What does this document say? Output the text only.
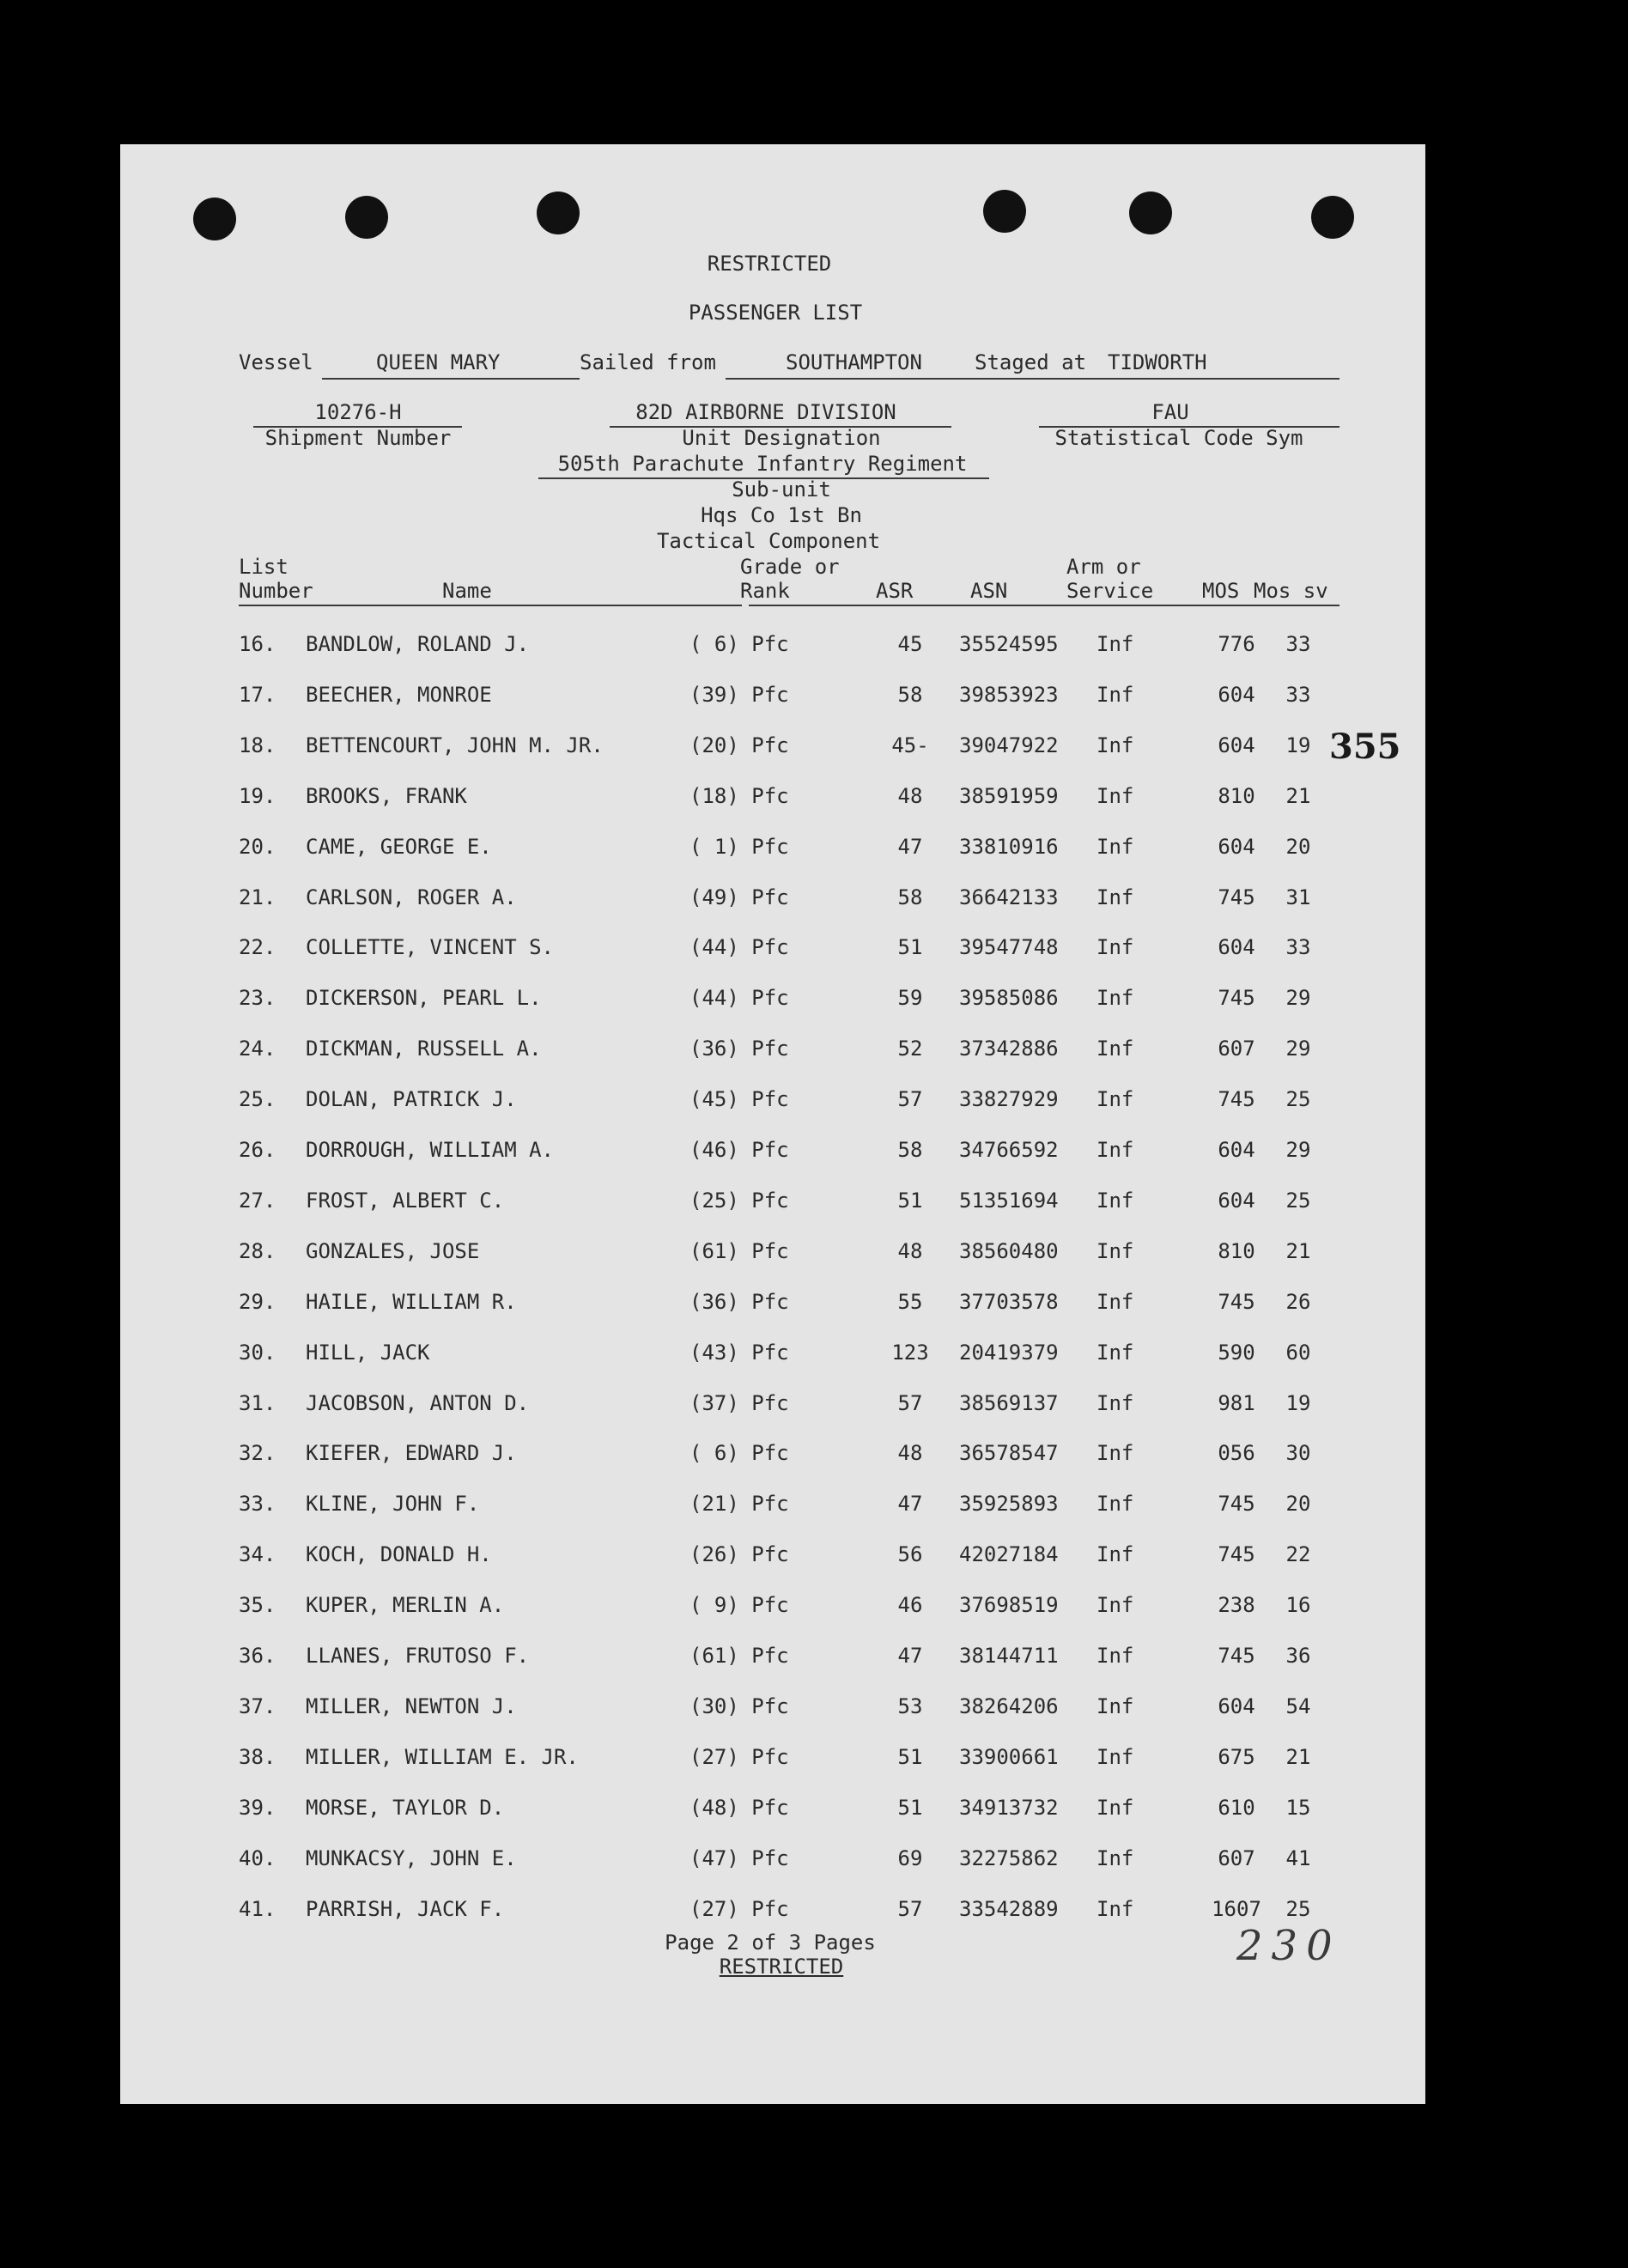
RESTRICTED
PASSENGER LIST
Vessel	QUEEN MARY	Sailed from	SOUTHAMPTON	Staged at TIDWORTH
10276-H
Shipment Number
82D AIRBORNE DIVISION
Unit Designation
505th Parachute Infantry Regiment
Sub-unit
Hqs Co 1st Bn
Tactical Component
FAU
Statistical Code Sym
List
Number	Name
Grade or
Rank	ASR	ASN
Arm or
Service MOS Mos sv
16. BANDLOW, ROLAND J.	( 6) Pfc	45	35524595 Inf	776	33
17. BEECHER, MONROE	(39) Pfc	58	39853923 Inf	604	33
18. BETTENCOURT, JOHN M. JR.	(20) Pfc	45-	39047922 Inf	604	19
19. BROOKS, FRANK	(18) Pfc	48	38591959 Inf	810	21
20. CAME, GEORGE E.	( 1) Pfc	47	33810916 Inf	604	20
21. CARLSON, ROGER A.	(49) Pfc	58	36642133 Inf	745	31
22. COLLETTE, VINCENT S.	(44) Pfc	51	39547748 Inf	604	33
23. DICKERSON, PEARL L.	(44) Pfc	59	39585086 Inf	745	29
24. DICKMAN, RUSSELL A.	(36) Pfc	52	37342886 Inf	607	29
25. DOLAN, PATRICK J.	(45) Pfc	57	33827929 Inf	745	25
26. DORROUGH, WILLIAM A.	(46) Pfc	58	34766592 Inf	604	29
27. FROST, ALBERT C.	(25) Pfc	51	51351694 Inf	604	25
28. GONZALES, JOSE	(61) Pfc	48	38560480 Inf	810	21
29. HAILE, WILLIAM R.	(36) Pfc	55	37703578 Inf	745	26
30. HILL, JACK	(43) Pfc	123	20419379 Inf	590	60
31. JACOBSON, ANTON D.	(37) Pfc	57	38569137 Inf	981	19
32. KIEFER, EDWARD J.	( 6) Pfc	48	36578547 Inf	056	30
33. KLINE, JOHN F.	(21) Pfc	47	35925893 Inf	745	20
34. KOCH, DONALD H.	(26) Pfc	56	42027184 Inf	745	22
35. KUPER, MERLIN A.	( 9) Pfc	46	37698519 Inf	238	16
36. LLANES, FRUTOSO F.	(61) Pfc	47	38144711 Inf	745	36
37. MILLER, NEWTON J.	(30) Pfc	53	38264206 Inf	604	54
38. MILLER, WILLIAM E. JR.	(27) Pfc	51	33900661 Inf	675	21
39. MORSE, TAYLOR D.	(48) Pfc	51	34913732 Inf	610	15
40. MUNKACSY, JOHN E.	(47) Pfc	69	32275862 Inf	607	41
41. PARRISH, JACK F.	(27) Pfc	57	33542889 Inf	1607	25
355
230
Page 2 of 3 Pages
RESTRICTED
